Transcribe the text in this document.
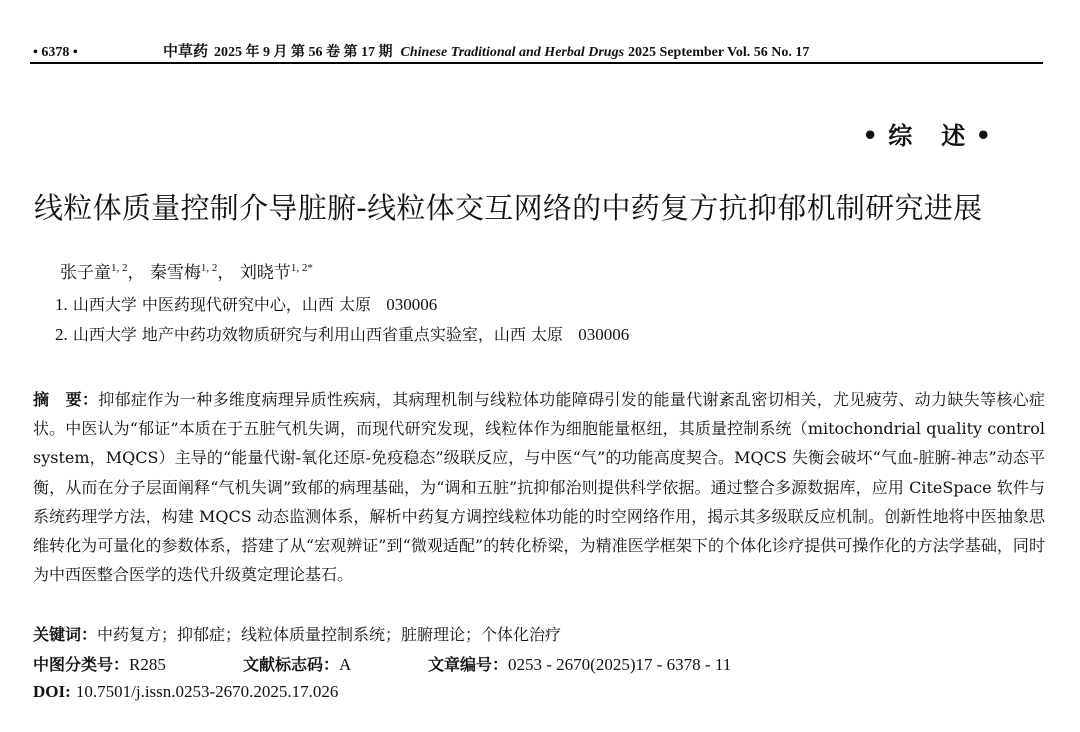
• 6378 •	中草药 2025 年 9 月 第 56 卷 第 17 期 Chinese Traditional and Herbal Drugs 2025 September Vol. 56 No. 17
• 综   述 •
线粒体质量控制介导脏腑-线粒体交互网络的中药复方抗抑郁机制研究进展
张子童$^{1, 2}$， 秦雪梅$^{1, 2}$， 刘晓节$^{1, 2*}$
1. 山西大学 中医药现代研究中心，山西 太原 030006
2. 山西大学 地产中药功效物质研究与利用山西省重点实验室，山西 太原 030006
摘　要：抑郁症作为一种多维度病理异质性疾病，其病理机制与线粒体功能障碍引发的能量代谢紊乱密切相关，尤见疲劳、动力缺失等核心症状。中医认为“郁证”本质在于五脏气机失调，而现代研究发现，线粒体作为细胞能量枢纽，其质量控制系统（mitochondrial quality control system，MQCS）主导的“能量代谢-氧化还原-免疫稳态”级联反应，与中医“气”的功能高度契合。MQCS 失衡会破坏“气血-脏腑-神志”动态平衡，从而在分子层面阐释“气机失调”致郁的病理基础，为“调和五脏”抗抑郁治则提供科学依据。通过整合多源数据库，应用 CiteSpace 软件与系统药理学方法，构建 MQCS 动态监测体系，解析中药复方调控线粒体功能的时空网络作用，揭示其多级联反应机制。创新性地将中医抽象思维转化为可量化的参数体系，搭建了从“宏观辨证”到“微观适配”的转化桥梁，为精准医学框架下的个体化诊疗提供可操作化的方法学基础，同时为中西医整合医学的迭代升级奠定理论基石。
关键词：中药复方；抑郁症；线粒体质量控制系统；脏腑理论；个体化治疗
中图分类号：R285	文献标志码：A	文章编号：0253 - 2670(2025)17 - 6378 - 11
DOI: 10.7501/j.issn.0253-2670.2025.17.026
